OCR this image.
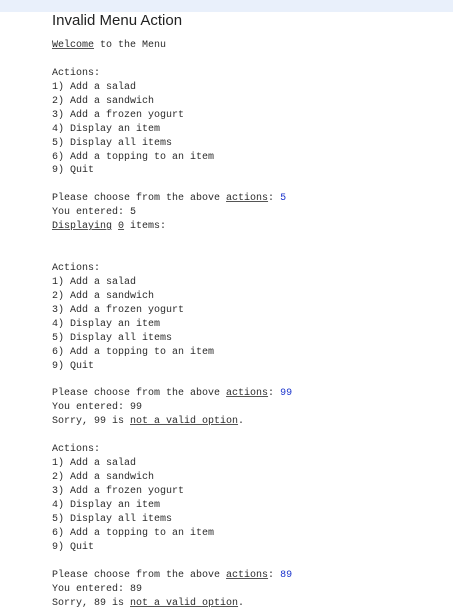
Invalid Menu Action
Welcome to the Menu
Actions:
1) Add a salad
2) Add a sandwich
3) Add a frozen yogurt
4) Display an item
5) Display all items
6) Add a topping to an item
9) Quit
Please choose from the above actions: 5
You entered: 5
Displaying 0 items:
Actions:
1) Add a salad
2) Add a sandwich
3) Add a frozen yogurt
4) Display an item
5) Display all items
6) Add a topping to an item
9) Quit
Please choose from the above actions: 99
You entered: 99
Sorry, 99 is not a valid option.
Actions:
1) Add a salad
2) Add a sandwich
3) Add a frozen yogurt
4) Display an item
5) Display all items
6) Add a topping to an item
9) Quit
Please choose from the above actions: 89
You entered: 89
Sorry, 89 is not a valid option.
